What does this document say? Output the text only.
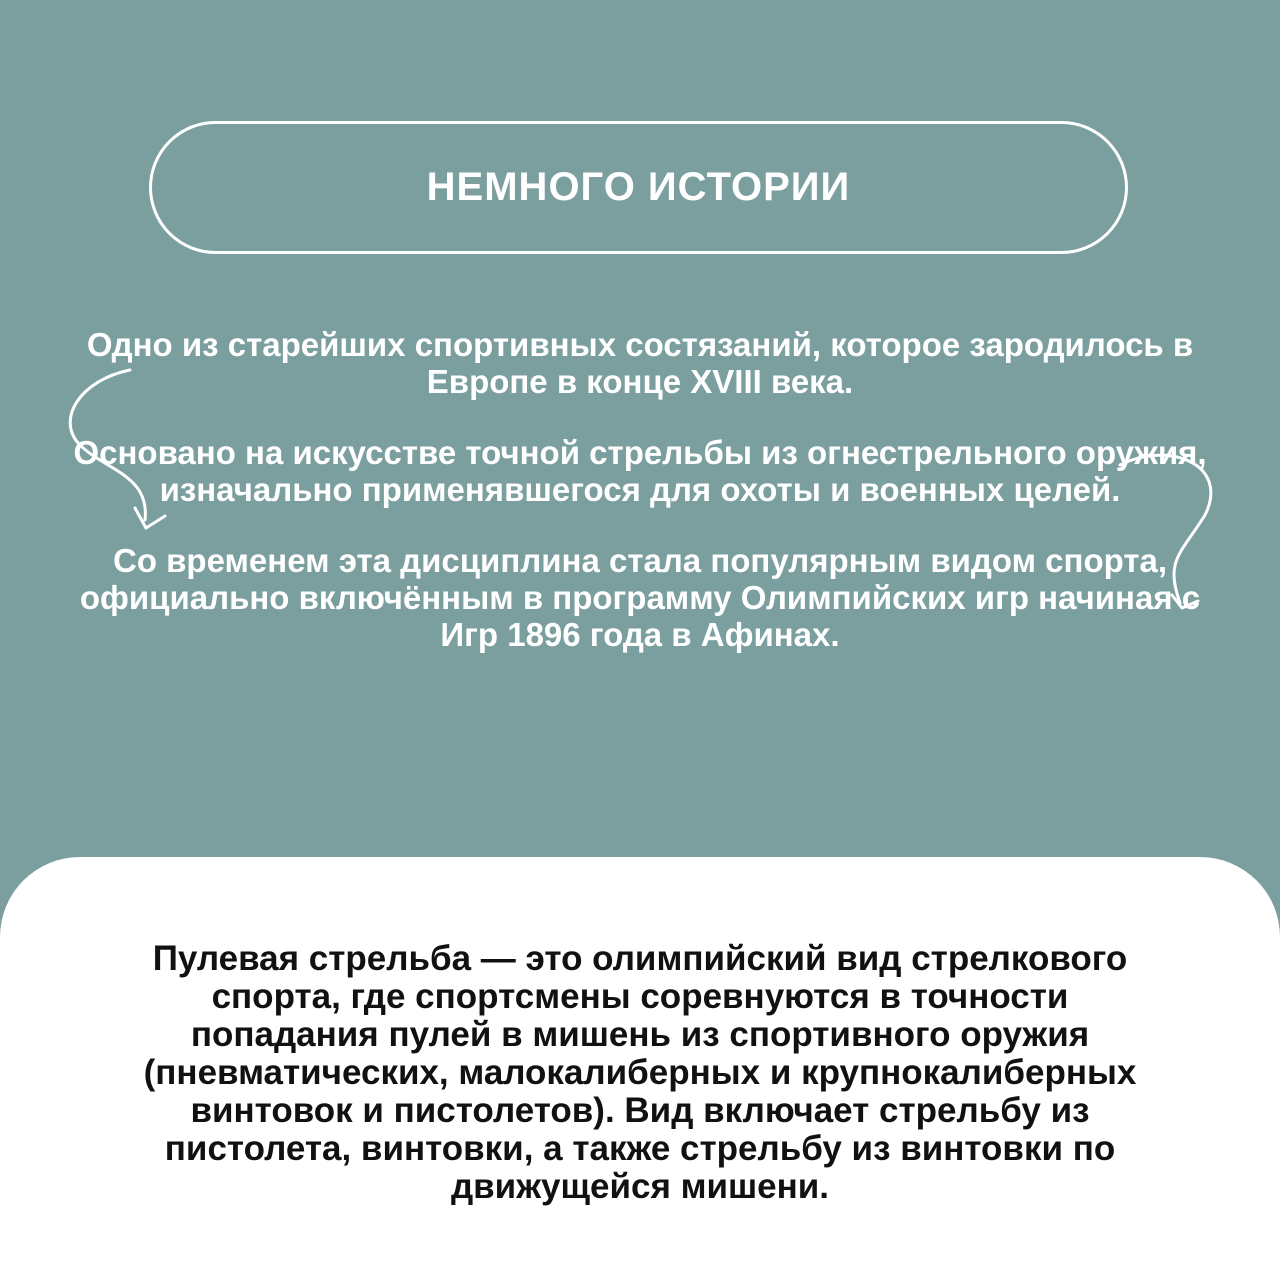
НЕМНОГО ИСТОРИИ

Одно из старейших спортивных состязаний, которое зародилось в Европе в конце XVIII века.

Основано на искусстве точной стрельбы из огнестрельного оружия, изначально применявшегося для охоты и военных целей.

Со временем эта дисциплина стала популярным видом спорта, официально включённым в программу Олимпийских игр начиная с Игр 1896 года в Афинах.

Пулевая стрельба — это олимпийский вид стрелкового спорта, где спортсмены соревнуются в точности попадания пулей в мишень из спортивного оружия (пневматических, малокалиберных и крупнокалиберных винтовок и пистолетов). Вид включает стрельбу из пистолета, винтовки, а также стрельбу из винтовки по движущейся мишени.
